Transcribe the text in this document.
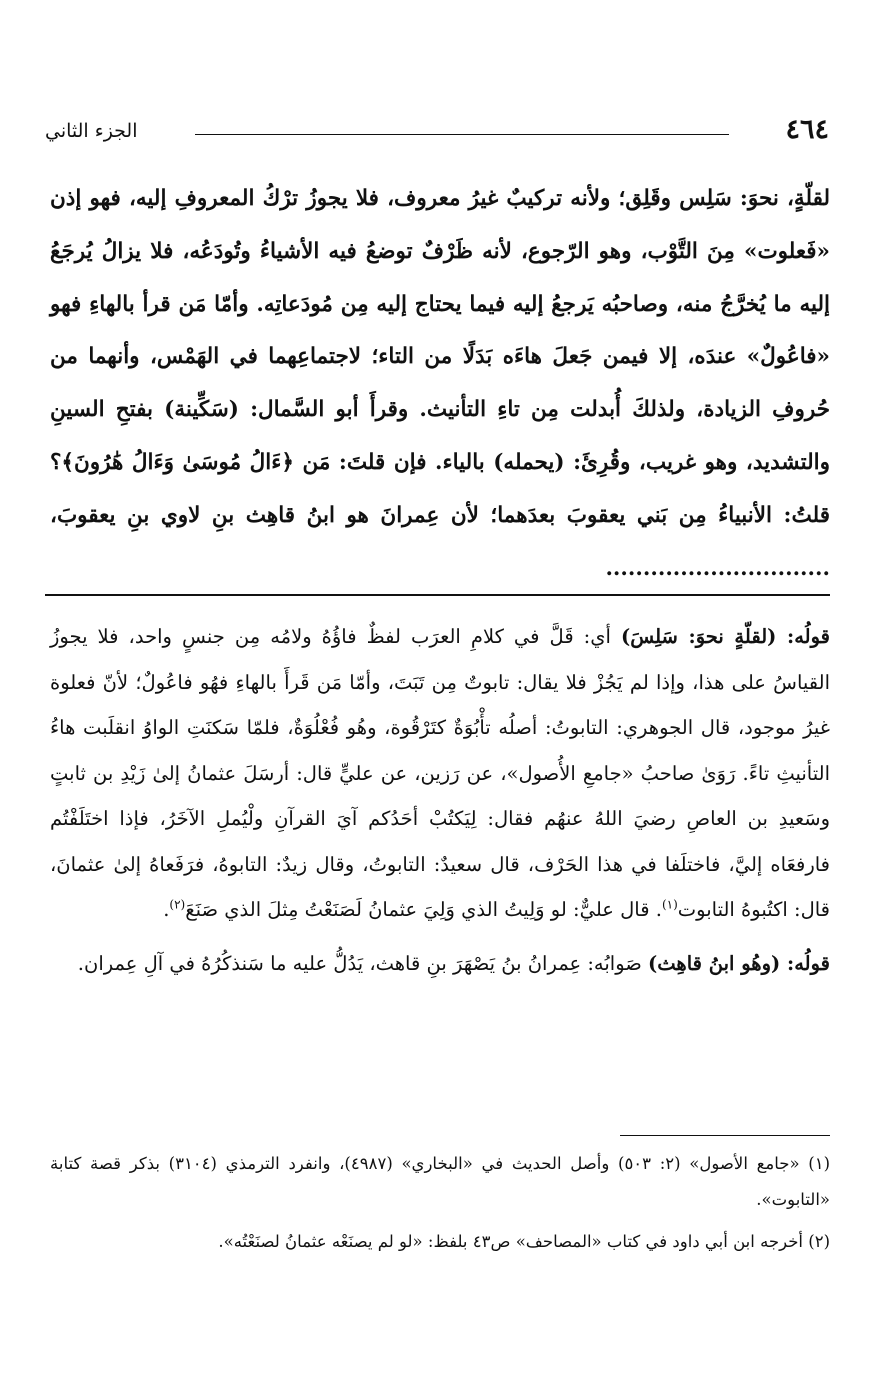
٤٦٤
الجزء الثاني

لقلّةٍ، نحوَ: سَلِس وقَلِق؛ ولأنه تركيبٌ غيرُ معروف، فلا يجوزُ ترْكُ المعروفِ إليه، فهو إذن «فَعلوت» مِنَ التَّوْب، وهو الرّجوع، لأنه ظَرْفٌ توضعُ فيه الأشياءُ وتُودَعُه، فلا يزالُ يُرجَعُ إليه ما يُخرَّجُ منه، وصاحبُه يَرجعُ إليه فيما يحتاج إليه مِن مُودَعاتِه. وأمّا مَن قرأ بالهاءِ فهو «فاعُولٌ» عندَه، إلا فيمن جَعلَ هاءَه بَدَلًا من التاء؛ لاجتماعِهما في الهَمْس، وأنهما من حُروفِ الزيادة، ولذلكَ أُبدلت مِن تاءِ التأنيث. وقرأَ أبو السَّمال: (سَكِّينة) بفتحِ السينِ والتشديد، وهو غريب، وقُرِئَ: (يحمله) بالياء. فإن قلتَ: مَن ﴿ءَالُ مُوسَىٰ وَءَالُ هَٰرُونَ﴾؟ قلتُ: الأنبياءُ مِن بَني يعقوبَ بعدَهما؛ لأن عِمرانَ هو ابنُ قاهِث بنِ لاوي بنِ يعقوبَ، ..............................

قولُه: (لقلّةٍ نحوَ: سَلِسَ) أي: قَلَّ في كلامِ العرَب لفظٌ فاؤُهُ ولامُه مِن جنسٍ واحد، فلا يجوزُ القياسُ على هذا، وإذا لم يَجُزْ فلا يقال: تابوتٌ مِن تَبَتَ، وأمّا مَن قَرأَ بالهاءِ فهُو فاعُولٌ؛ لأنّ فعلوة غيرُ موجود، قال الجوهري: التابوتُ: أصلُه تأْبُوَةٌ كتَرْقُوة، وهُو فُعْلُوَةٌ، فلمّا سَكنَتِ الواوُ انقلَبت هاءُ التأنيثِ تاءً. رَوَىٰ صاحبُ «جامعِ الأُصول»، عن رَزين، عن عليٍّ قال: أرسَلَ عثمانُ إلىٰ زَيْدِ بن ثابتٍ وسَعيدِ بن العاصِ رضيَ اللهُ عنهُم فقال: لِيَكتُبْ أحَدُكم آيَ القرآنِ ولْيُملِ الآخَرُ، فإذا اختَلَفْتُم فارفعَاه إليَّ، فاختلَفا في هذا الحَرْف، قال سعيدٌ: التابوتُ، وقال زيدٌ: التابوهُ، فرَفَعاهُ إلىٰ عثمانَ، قال: اكتُبوهُ التابوت$^{(١)}$. قال عليٌّ: لو وَلِيتُ الذي وَلِيَ عثمانُ لَصَنَعْتُ مِثلَ الذي صَنَعَ$^{(٢)}$.

قولُه: (وهُو ابنُ قاهِث) صَوابُه: عِمرانُ بنُ يَصْهَرَ بنِ قاهث، يَدُلُّ عليه ما سَنذكُرُهُ في آلِ عِمران.

(١) «جامع الأصول» (٢: ٥٠٣) وأصل الحديث في «البخاري» (٤٩٨٧)، وانفرد الترمذي (٣١٠٤) بذكر قصة كتابة «التابوت».

(٢) أخرجه ابن أبي داود في كتاب «المصاحف» ص٤٣ بلفظ: «لو لم يصنَعْه عثمانُ لصنَعْتُه».
